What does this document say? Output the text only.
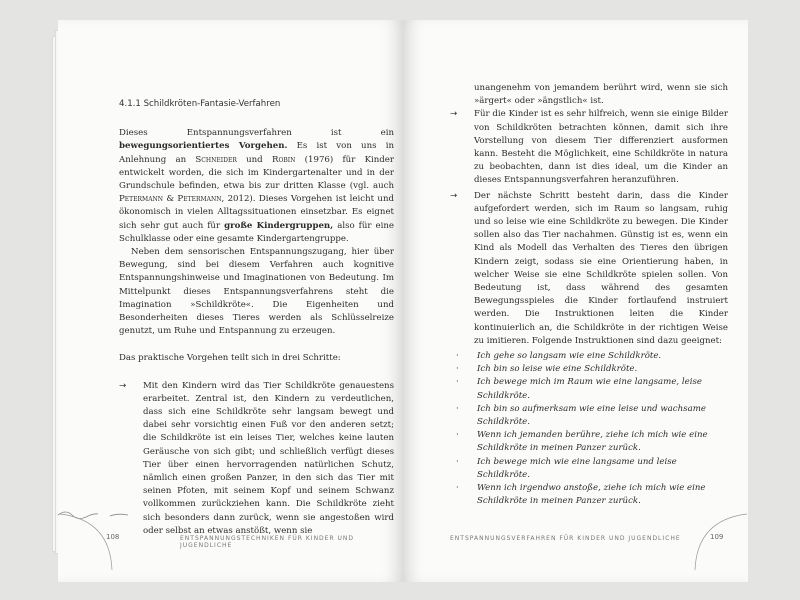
4.1.1 Schildkröten-Fantasie-Verfahren

Dieses Entspannungsverfahren ist ein bewegungsorientiertes Vorgehen. Es ist von uns in Anlehnung an Schneider und Robin (1976) für Kinder entwickelt worden, die sich im Kindergartenalter und in der Grundschule befinden, etwa bis zur dritten Klasse (vgl. auch Petermann & Petermann, 2012). Dieses Vorgehen ist leicht und ökonomisch in vielen Alltagssituationen einsetzbar. Es eignet sich sehr gut auch für große Kindergruppen, also für eine Schulklasse oder eine gesamte Kindergartengruppe.

Neben dem sensorischen Entspannungszugang, hier über Bewegung, sind bei diesem Verfahren auch kognitive Entspannungshinweise und Imaginationen von Bedeutung. Im Mittelpunkt dieses Entspannungsverfahrens steht die Imagination »Schildkröte«. Die Eigenheiten und Besonderheiten dieses Tieres werden als Schlüsselreize genutzt, um Ruhe und Entspannung zu erzeugen.

Das praktische Vorgehen teilt sich in drei Schritte:

→ Mit den Kindern wird das Tier Schildkröte genauestens erarbeitet. Zentral ist, den Kindern zu verdeutlichen, dass sich eine Schildkröte sehr langsam bewegt und dabei sehr vorsichtig einen Fuß vor den anderen setzt; die Schildkröte ist ein leises Tier, welches keine lauten Geräusche von sich gibt; und schließlich verfügt dieses Tier über einen hervorragenden natürlichen Schutz, nämlich einen großen Panzer, in den sich das Tier mit seinen Pfoten, mit seinem Kopf und seinem Schwanz vollkommen zurückziehen kann. Die Schildkröte zieht sich besonders dann zurück, wenn sie angestoßen wird oder selbst an etwas anstößt, wenn sie
108	ENTSPANNUNGSTECHNIKEN FÜR KINDER UND JUGENDLICHE

unangenehm von jemandem berührt wird, wenn sie sich »ärgert« oder »ängstlich« ist.

→ Für die Kinder ist es sehr hilfreich, wenn sie einige Bilder von Schildkröten betrachten können, damit sich ihre Vorstellung von diesem Tier differenziert ausformen kann. Besteht die Möglichkeit, eine Schildkröte in natura zu beobachten, dann ist dies ideal, um die Kinder an dieses Entspannungsverfahren heranzuführen.
→ Der nächste Schritt besteht darin, dass die Kinder aufgefordert werden, sich im Raum so langsam, ruhig und so leise wie eine Schildkröte zu bewegen. Die Kinder sollen also das Tier nachahmen. Günstig ist es, wenn ein Kind als Modell das Verhalten des Tieres den übrigen Kindern zeigt, sodass sie eine Orientierung haben, in welcher Weise sie eine Schildkröte spielen sollen. Von Bedeutung ist, dass während des gesamten Bewegungsspieles die Kinder fortlaufend instruiert werden. Die Instruktionen leiten die Kinder kontinuierlich an, die Schildkröte in der richtigen Weise zu imitieren. Folgende Instruktionen sind dazu geeignet:
· Ich gehe so langsam wie eine Schildkröte.
· Ich bin so leise wie eine Schildkröte.
· Ich bewege mich im Raum wie eine langsame, leise Schildkröte.
· Ich bin so aufmerksam wie eine leise und wachsame Schildkröte.
· Wenn ich jemanden berühre, ziehe ich mich wie eine Schildkröte in meinen Panzer zurück.
· Ich bewege mich wie eine langsame und leise Schildkröte.
· Wenn ich irgendwo anstoße, ziehe ich mich wie eine Schildkröte in meinen Panzer zurück.
ENTSPANNUNGSVERFAHREN FÜR KINDER UND JUGENDLICHE	109
